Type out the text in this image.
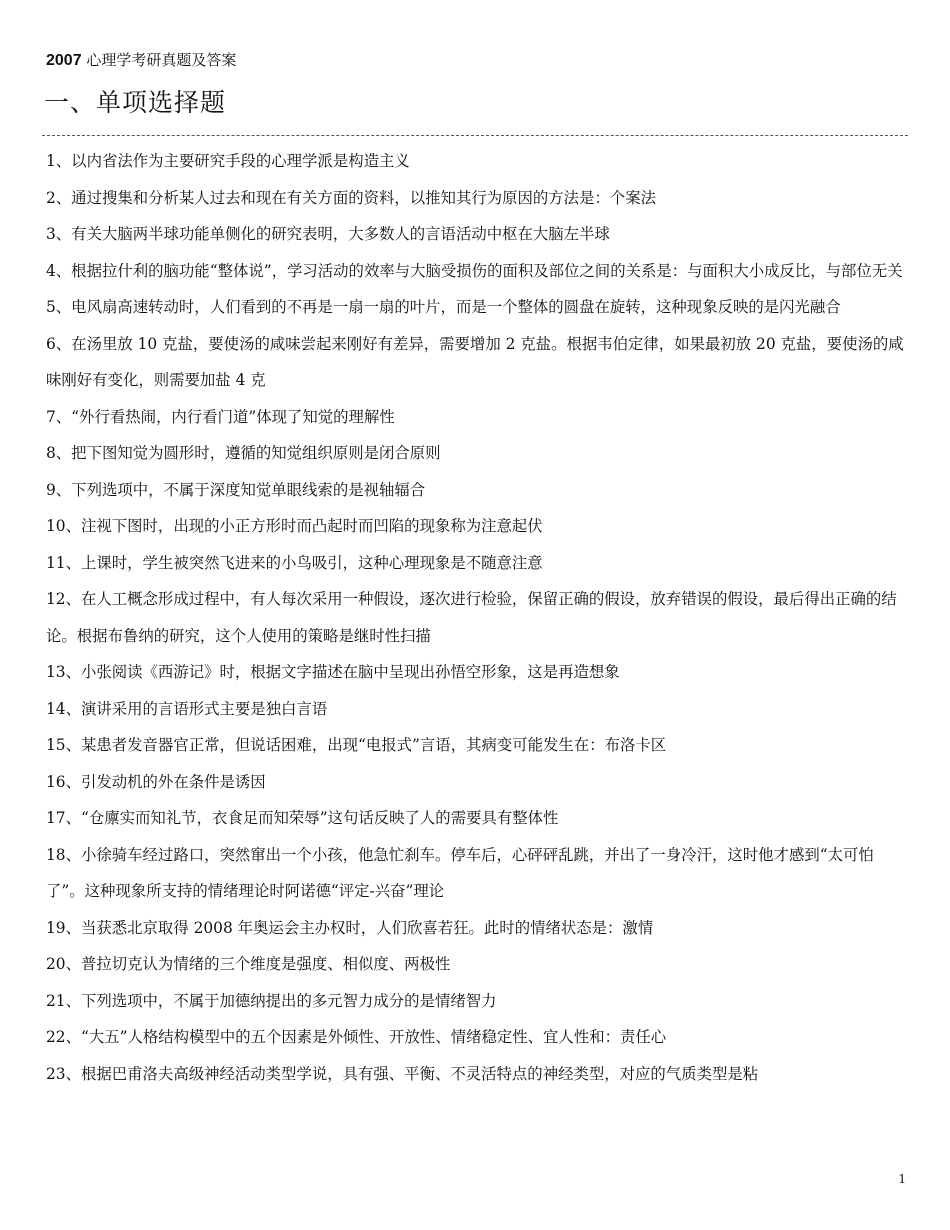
2007 心理学考研真题及答案
一、单项选择题
1、以内省法作为主要研究手段的心理学派是构造主义
2、通过搜集和分析某人过去和现在有关方面的资料，以推知其行为原因的方法是：个案法
3、有关大脑两半球功能单侧化的研究表明，大多数人的言语活动中枢在大脑左半球
4、根据拉什利的脑功能“整体说”，学习活动的效率与大脑受损伤的面积及部位之间的关系是：与面积大小成反比，与部位无关
5、电风扇高速转动时，人们看到的不再是一扇一扇的叶片，而是一个整体的圆盘在旋转，这种现象反映的是闪光融合
6、在汤里放 10 克盐，要使汤的咸味尝起来刚好有差异，需要增加 2 克盐。根据韦伯定律，如果最初放 20 克盐，要使汤的咸味刚好有变化，则需要加盐 4 克
7、“外行看热闹，内行看门道”体现了知觉的理解性
8、把下图知觉为圆形时，遵循的知觉组织原则是闭合原则
9、下列选项中，不属于深度知觉单眼线索的是视轴辐合
10、注视下图时，出现的小正方形时而凸起时而凹陷的现象称为注意起伏
11、上课时，学生被突然飞进来的小鸟吸引，这种心理现象是不随意注意
12、在人工概念形成过程中，有人每次采用一种假设，逐次进行检验，保留正确的假设，放弃错误的假设，最后得出正确的结论。根据布鲁纳的研究，这个人使用的策略是继时性扫描
13、小张阅读《西游记》时，根据文字描述在脑中呈现出孙悟空形象，这是再造想象
14、演讲采用的言语形式主要是独白言语
15、某患者发音器官正常，但说话困难，出现“电报式”言语，其病变可能发生在：布洛卡区
16、引发动机的外在条件是诱因
17、“仓廪实而知礼节，衣食足而知荣辱”这句话反映了人的需要具有整体性
18、小徐骑车经过路口，突然窜出一个小孩，他急忙刹车。停车后，心砰砰乱跳，并出了一身冷汗，这时他才感到“太可怕了”。这种现象所支持的情绪理论时阿诺德“评定-兴奋”理论
19、当获悉北京取得 2008 年奥运会主办权时，人们欣喜若狂。此时的情绪状态是：激情
20、普拉切克认为情绪的三个维度是强度、相似度、两极性
21、下列选项中，不属于加德纳提出的多元智力成分的是情绪智力
22、“大五”人格结构模型中的五个因素是外倾性、开放性、情绪稳定性、宜人性和：责任心
23、根据巴甫洛夫高级神经活动类型学说，具有强、平衡、不灵活特点的神经类型，对应的气质类型是粘
1
